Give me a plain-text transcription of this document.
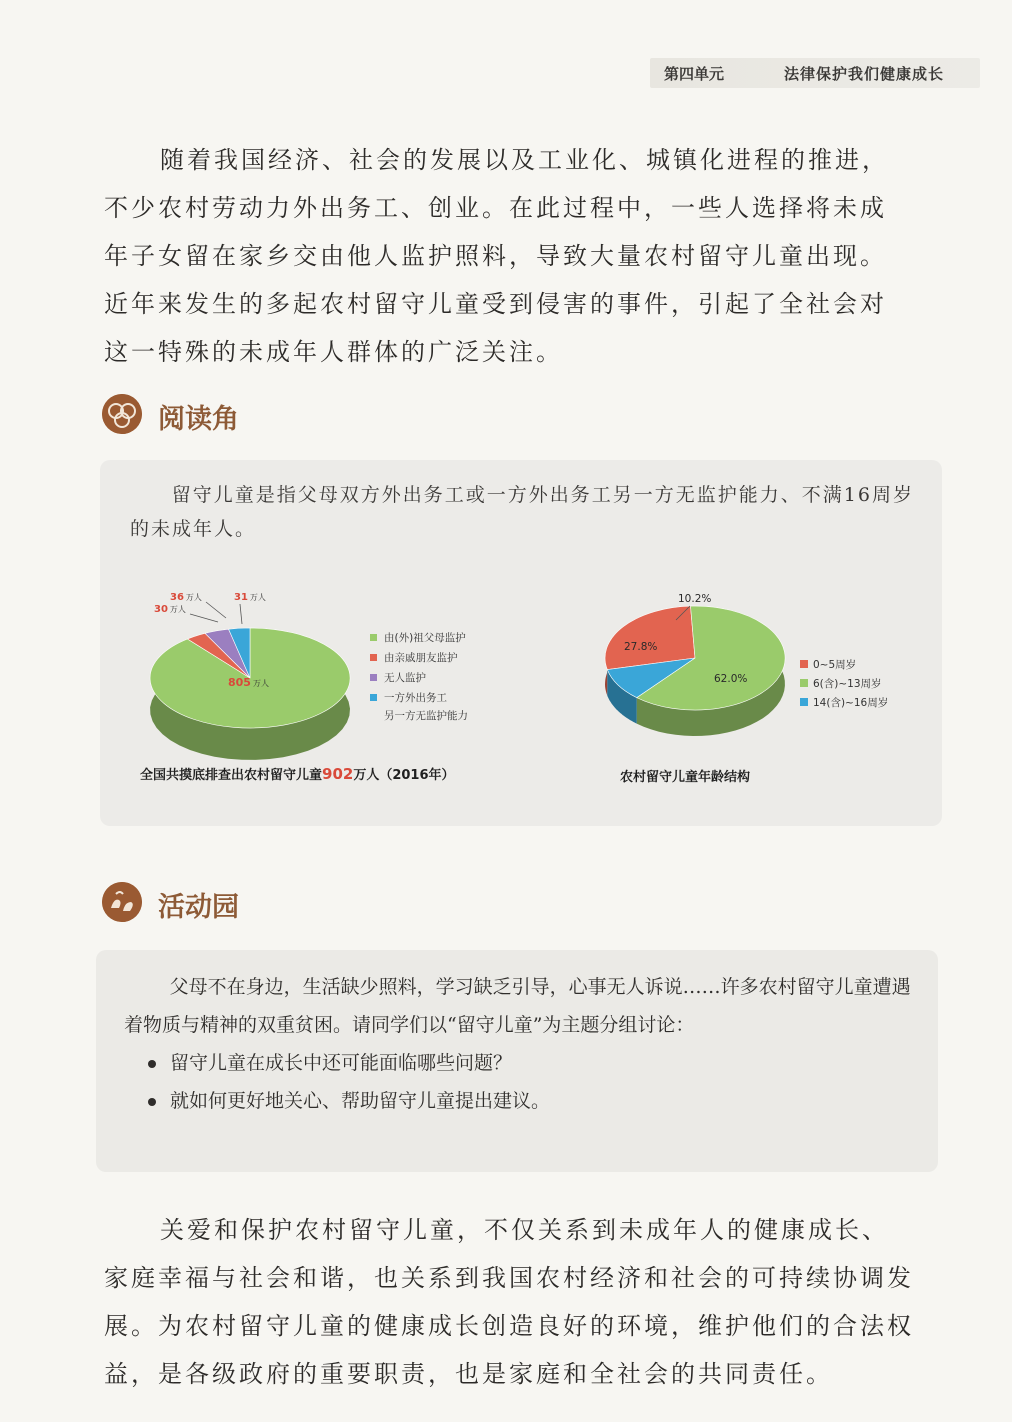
第四单元	法律保护我们健康成长

随着我国经济、社会的发展以及工业化、城镇化进程的推进，

不少农村劳动力外出务工、创业。在此过程中，一些人选择将未成

年子女留在家乡交由他人监护照料，导致大量农村留守儿童出现。

近年来发生的多起农村留守儿童受到侵害的事件，引起了全社会对

这一特殊的未成年人群体的广泛关注。

阅读角

留守儿童是指父母双方外出务工或一方外出务工另一方无监护能力、不满16周岁的未成年人。

805 万人
30 万人
36 万人	31 万人
由(外)祖父母监护
由亲戚朋友监护
无人监护
一方外出务工
另一方无监护能力
全国共摸底排查出农村留守儿童902万人（2016年）
27.8%
62.0%
10.2%
0~5周岁
6(含)~13周岁
14(含)~16周岁
农村留守儿童年龄结构
活动园

父母不在身边，生活缺少照料，学习缺乏引导，心事无人诉说……许多农村留守儿童遭遇着物质与精神的双重贫困。请同学们以“留守儿童”为主题分组讨论：

留守儿童在成长中还可能面临哪些问题？
就如何更好地关心、帮助留守儿童提出建议。

关爱和保护农村留守儿童，不仅关系到未成年人的健康成长、

家庭幸福与社会和谐，也关系到我国农村经济和社会的可持续协调发

展。为农村留守儿童的健康成长创造良好的环境，维护他们的合法权

益，是各级政府的重要职责，也是家庭和全社会的共同责任。
